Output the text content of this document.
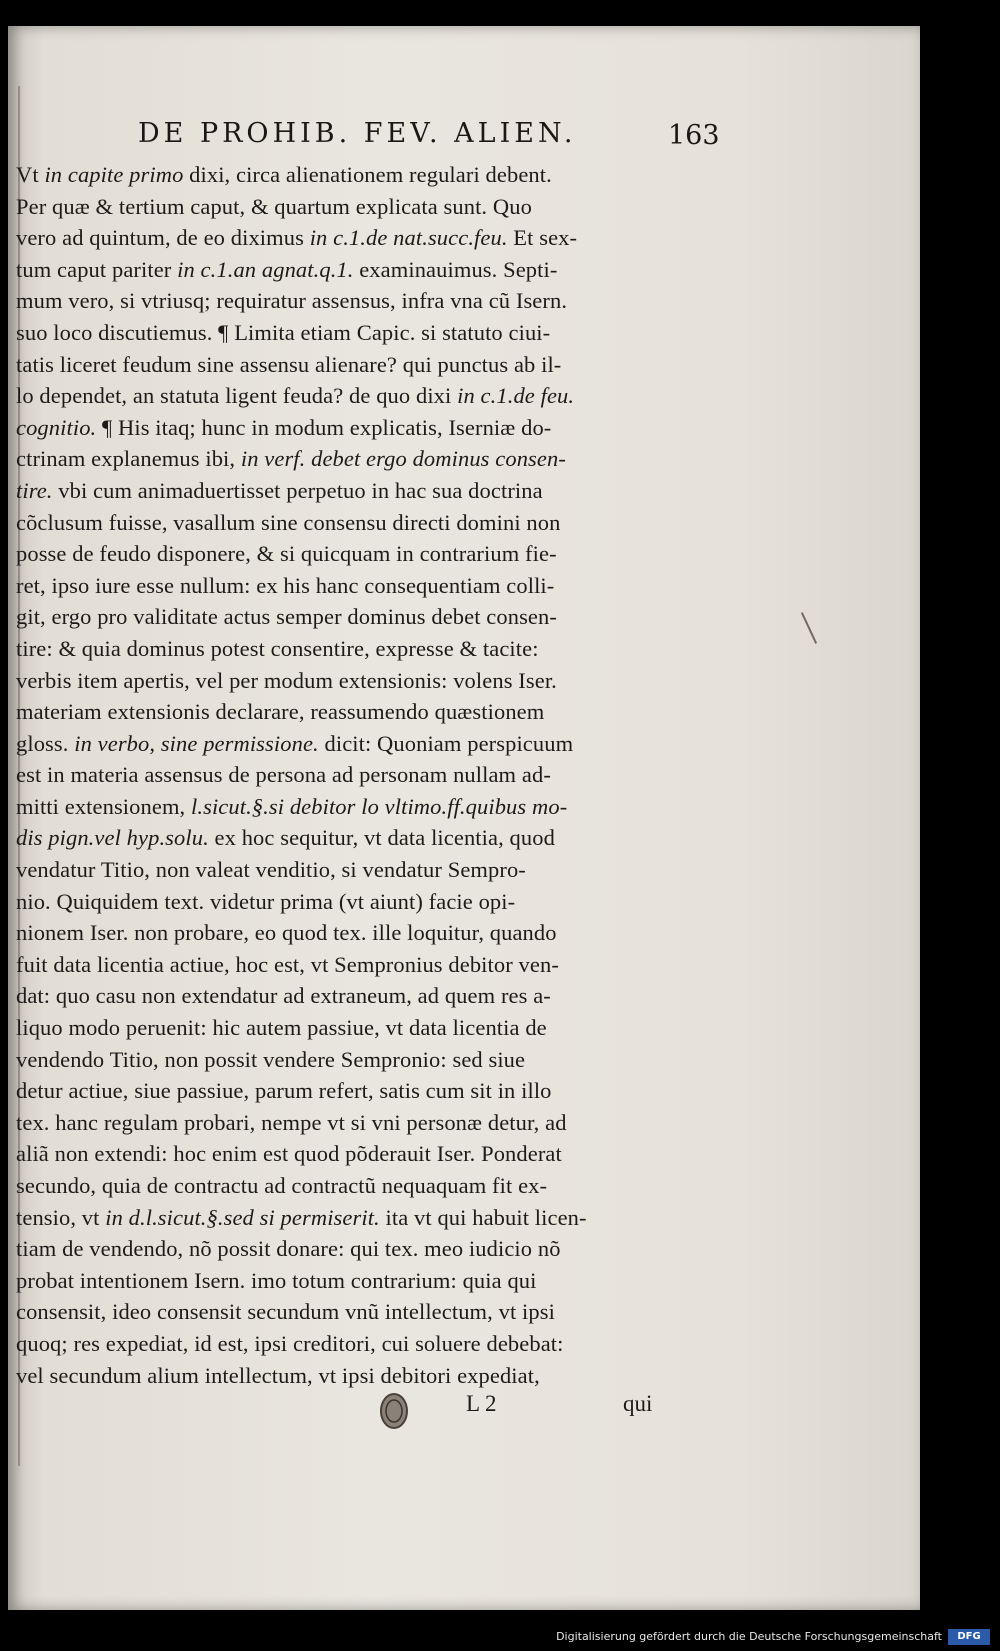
DE PROHIB. FEV. ALIEN.	163
Vt in capite primo dixi, circa alienationem regulari debent.
Per quæ & tertium caput, & quartum explicata sunt. Quo
vero ad quintum, de eo diximus in c.1.de nat.succ.feu. Et sex-
tum caput pariter in c.1.an agnat.q.1. examinauimus. Septi-
mum vero, si vtriusq; requiratur assensus, infra vna cũ Isern.
suo loco discutiemus. ¶ Limita etiam Capic. si statuto ciui-
tatis liceret feudum sine assensu alienare? qui punctus ab il-
lo dependet, an statuta ligent feuda? de quo dixi in c.1.de feu.
cognitio. ¶ His itaq; hunc in modum explicatis, Iserniæ do-
ctrinam explanemus ibi, in verf. debet ergo dominus consen-
tire. vbi cum animaduertisset perpetuo in hac sua doctrina
cõclusum fuisse, vasallum sine consensu directi domini non
posse de feudo disponere, & si quicquam in contrarium fie-
ret, ipso iure esse nullum: ex his hanc consequentiam colli-
git, ergo pro validitate actus semper dominus debet consen-
tire: & quia dominus potest consentire, expresse & tacite:
verbis item apertis, vel per modum extensionis: volens Iser.
materiam extensionis declarare, reassumendo quæstionem
gloss. in verbo, sine permissione. dicit: Quoniam perspicuum
est in materia assensus de persona ad personam nullam ad-
mitti extensionem, l.sicut.§.si debitor lo vltimo.ff.quibus mo-
dis pign.vel hyp.solu. ex hoc sequitur, vt data licentia, quod
vendatur Titio, non valeat venditio, si vendatur Sempro-
nio. Quiquidem text. videtur prima (vt aiunt) facie opi-
nionem Iser. non probare, eo quod tex. ille loquitur, quando
fuit data licentia actiue, hoc est, vt Sempronius debitor ven-
dat: quo casu non extendatur ad extraneum, ad quem res a-
liquo modo peruenit: hic autem passiue, vt data licentia de
vendendo Titio, non possit vendere Sempronio: sed siue
detur actiue, siue passiue, parum refert, satis cum sit in illo
tex. hanc regulam probari, nempe vt si vni personæ detur, ad
aliã non extendi: hoc enim est quod põderauit Iser. Ponderat
secundo, quia de contractu ad contractũ nequaquam fit ex-
tensio, vt in d.l.sicut.§.sed si permiserit. ita vt qui habuit licen-
tiam de vendendo, nõ possit donare: qui tex. meo iudicio nõ
probat intentionem Isern. imo totum contrarium: quia qui
consensit, ideo consensit secundum vnũ intellectum, vt ipsi
quoq; res expediat, id est, ipsi creditori, cui soluere debebat:
vel secundum alium intellectum, vt ipsi debitori expediat,
L 2	qui
Digitalisierung gefördert durch die Deutsche Forschungsgemeinschaft	DFG
